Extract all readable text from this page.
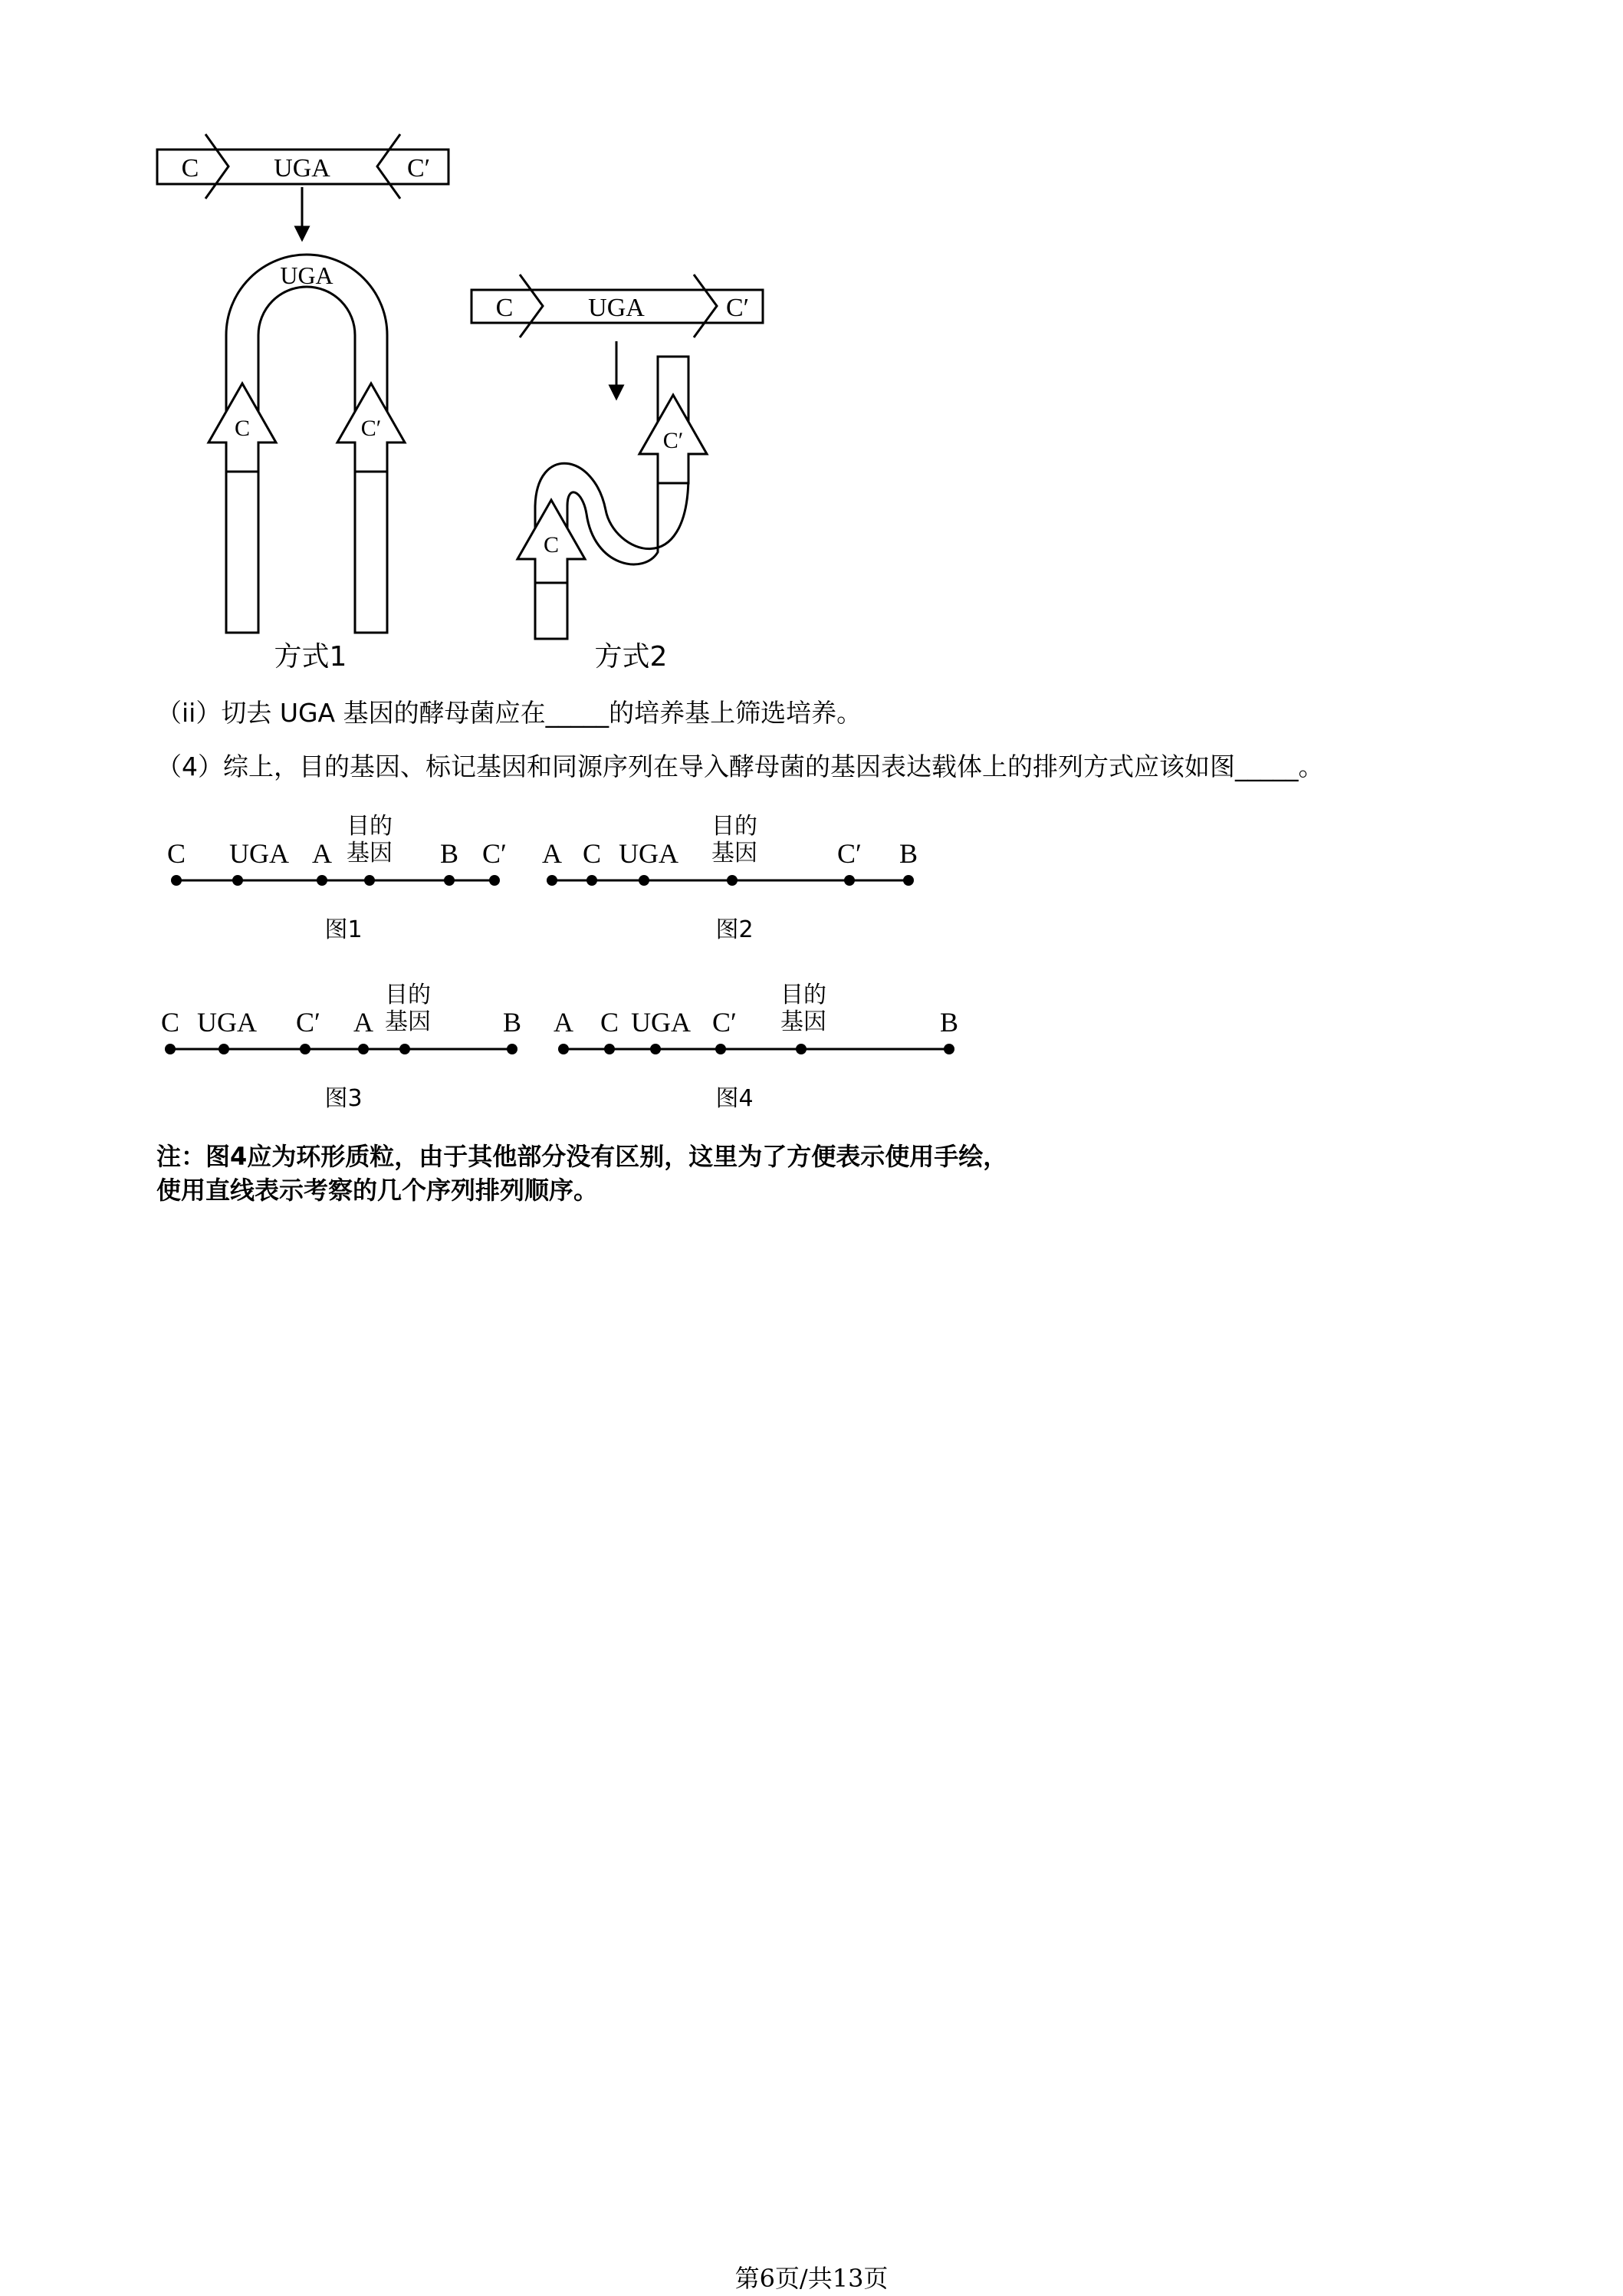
C	UGA	C′
UGA
C	C′
方式1
C	UGA	C′
C′
C
方式2
C UGA A
目的
基因 B C′
图1
A C UGA
目的
基因	C′ B
图2
C UGA C′ A
目的
基因	B
图3
A C UGA C′
目的
基因	B
图4
（ii）切去 UGA 基因的酵母菌应在_____的培养基上筛选培养。
（4）综上，目的基因、标记基因和同源序列在导入酵母菌的基因表达载体上的排列方式应该如图_____。
注：图4应为环形质粒，由于其他部分没有区别，这里为了方便表示使用手绘，
使用直线表示考察的几个序列排列顺序。
第6页/共13页
